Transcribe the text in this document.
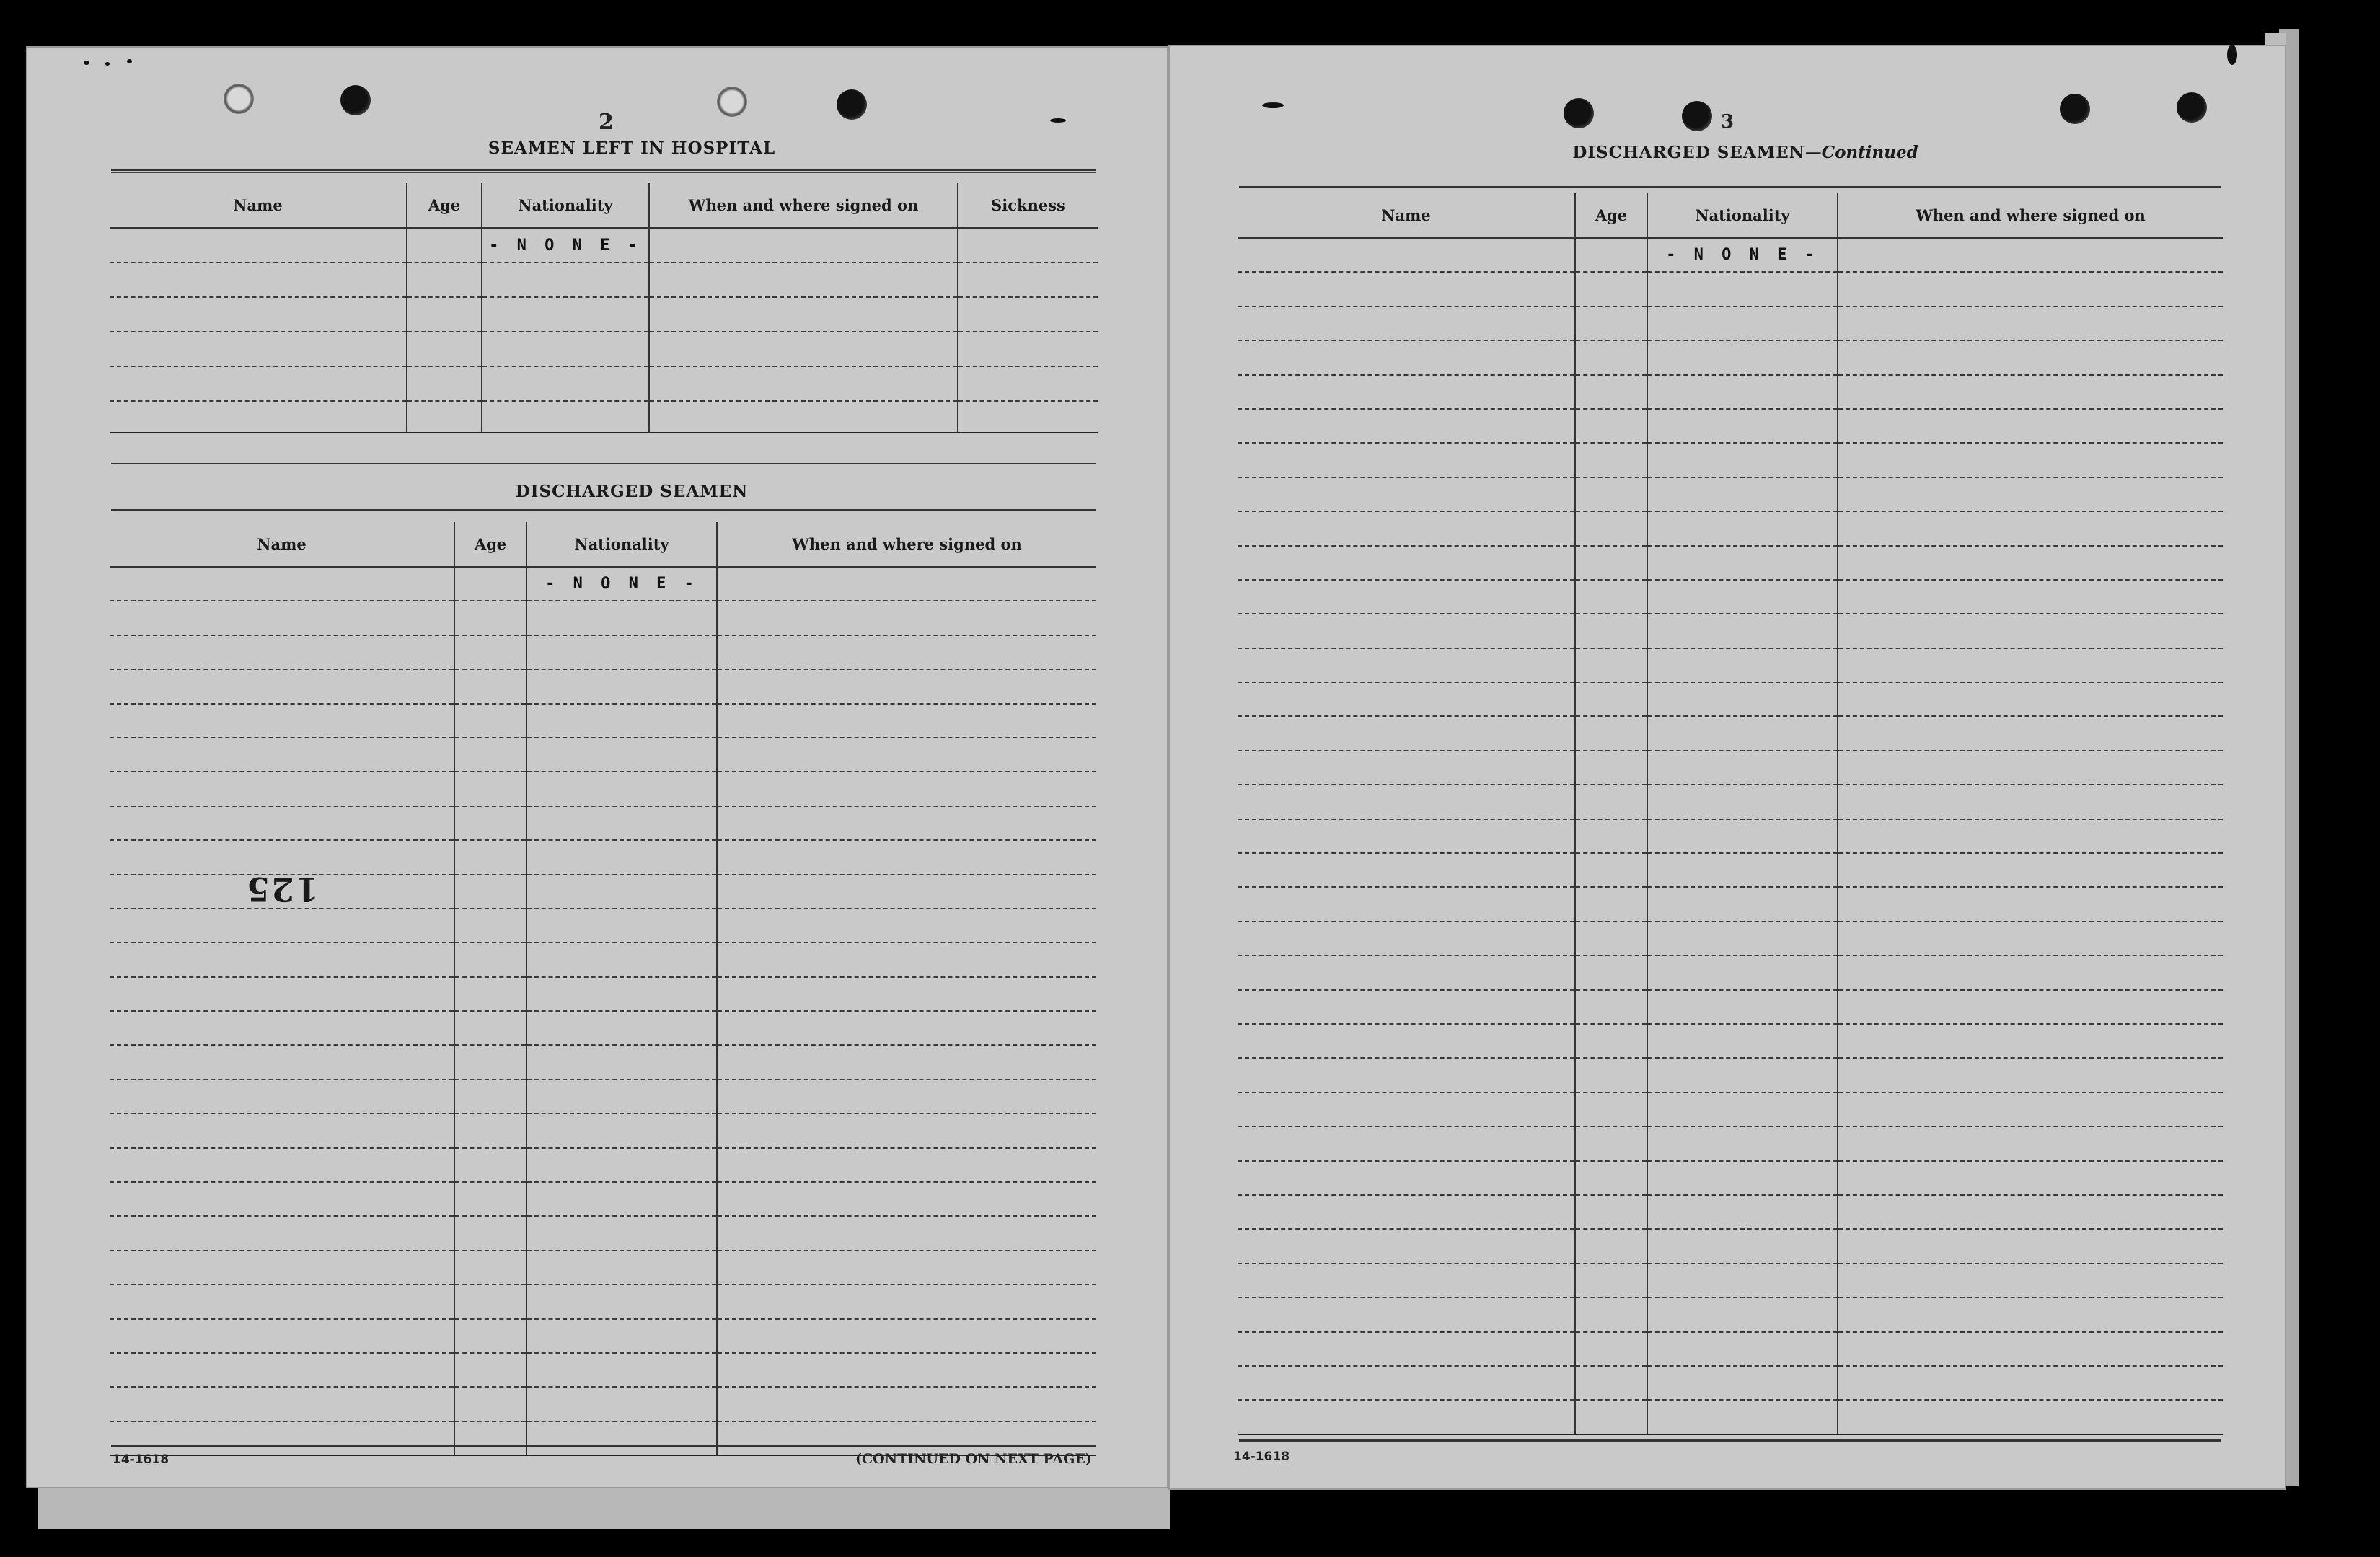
2
SEAMEN LEFT IN HOSPITAL
Name	Age	Nationality	When and where signed on	Sickness
		- N O N E -		

DISCHARGED SEAMEN
Name	Age	Nationality	When and where signed on
		- N O N E -	

125
14-1618	(CONTINUED ON NEXT PAGE)
3
DISCHARGED SEAMEN—Continued
Name	Age	Nationality	When and where signed on
		- N O N E -	

14-1618
